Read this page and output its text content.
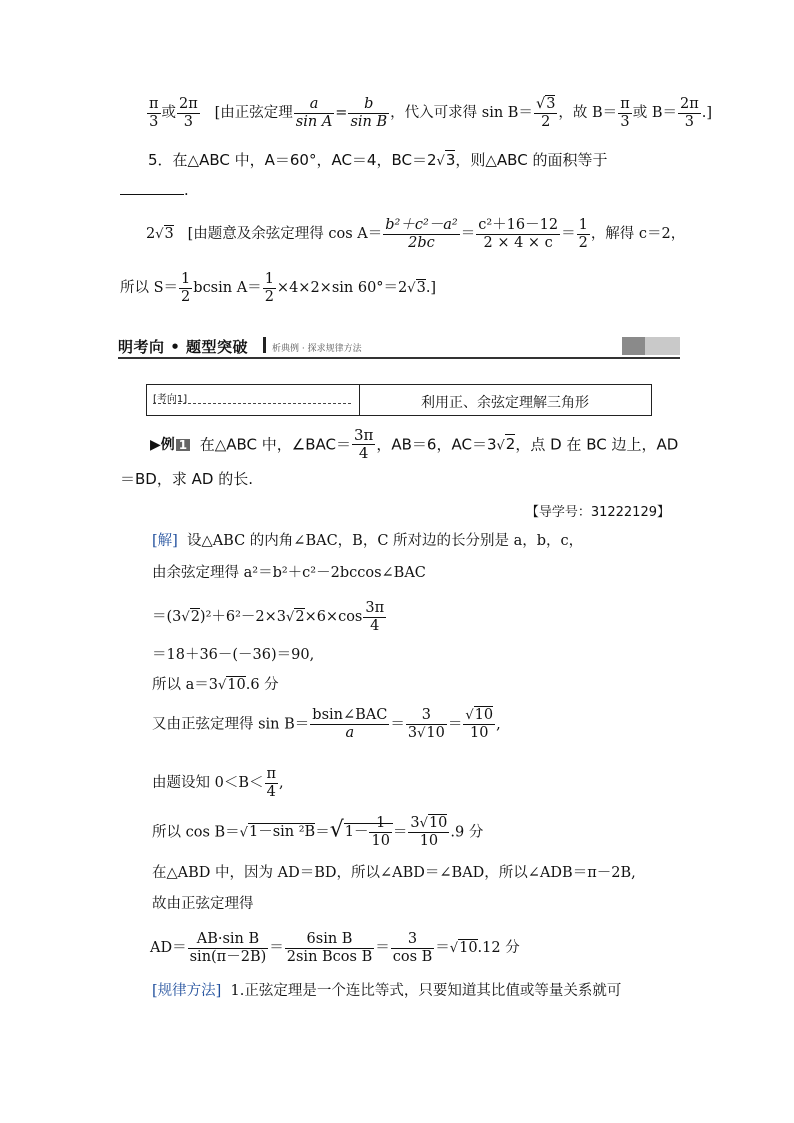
$\frac{\pi}{3}$ 或 $\frac{2\pi}{3}$ [由正弦定理 $\frac{a}{\text{sin A}} = \frac{b}{\text{sin B}}$ ，代入可求得 $\sin B= \frac{√3}{2}$ ，故 $B= \frac{\pi}{3}$ 或 $B= \frac{2\pi}{3}$ .]
5．在△ABC 中，A＝60°，AC＝4，BC＝2√3，则△ABC 的面积等于
.
2√3 [由题意及余弦定理得 $\cos A= \frac{\text{b²＋c²－a²}}{2bc} = \frac{\text{c²＋16－12}}{2 \times 4 \times c} = \frac{1}{2}$ ，解得 c＝2，
所以 $S= \frac{1}{2}$ bcsin $A= \frac{1}{2} \times 4\times 2\times\sin$ 60°＝2√3.]
明考向 • 题型突破	析典例 · 探求规律方法
[考向1]	利用正、余弦定理解三角形
▶例 1 在△ABC 中，∠BAC＝ $\frac{3\pi}{4}$ ，AB＝6，AC＝3√2，点 D 在 BC 边上，AD
＝BD，求 AD 的长.
【导学号：31222129】
[解] 设△ABC 的内角∠BAC，B，C 所对边的长分别是 a，b，c，
由余弦定理得 a²＝b²＋c²－2bccos∠BAC
$=(3√2)^2+6^2-2\times 3√2\times 6\times\cos \frac{3\pi}{4}$
＝18＋36－(－36)＝90,
所以 a＝3√10.6 分
又由正弦定理得 $\sin B= \frac{\text{bsin∠BAC}}{a} = \frac{3}{3√10} = \frac{√10}{10}$ ,
由题设知 $0<B< \frac{\pi}{4}$ ,
所以 cos B＝√1－sin $^2B=√1- \frac{1}{10} = \frac{3√10}{10} .9$ 分
在△ABD 中，因为 AD＝BD，所以∠ABD＝∠BAD，所以∠ADB＝π－2B,
故由正弦定理得
$AD= \frac{\text{AB·sin B}}{\sin(\pi-2B)} = \frac{\text{6sin B}}{\text{2sin Bcos B}} = \frac{3}{\text{cos B}} =√10.12$ 分
[规律方法] 1.正弦定理是一个连比等式，只要知道其比值或等量关系就可
